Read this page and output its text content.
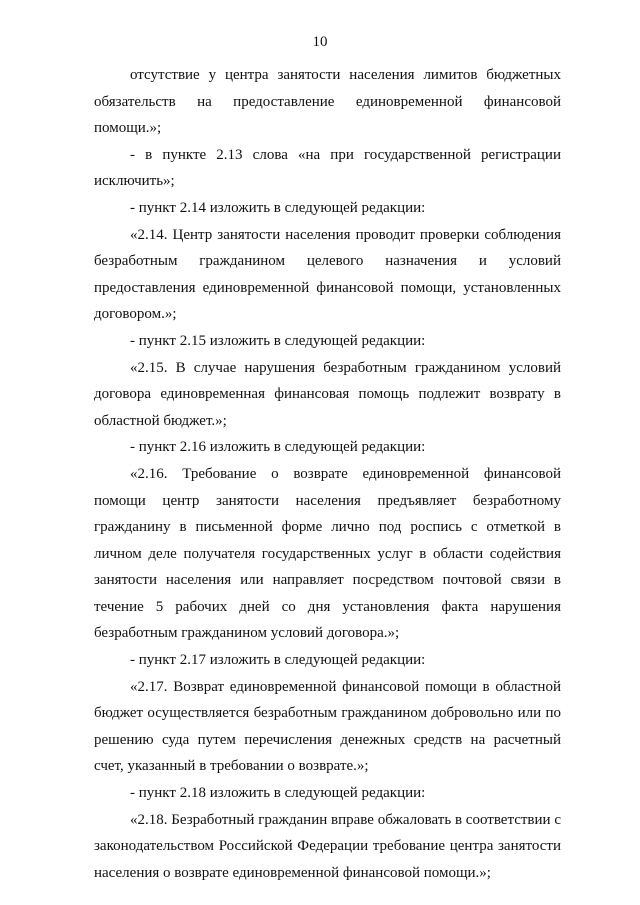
10

отсутствие у центра занятости населения лимитов бюджетных обязательств на предоставление единовременной финансовой помощи.»;

- в пункте 2.13 слова «на при государственной регистрации исключить»;

- пункт 2.14 изложить в следующей редакции:

«2.14. Центр занятости населения проводит проверки соблюдения безработным гражданином целевого назначения и условий предоставления единовременной финансовой помощи, установленных договором.»;

- пункт 2.15 изложить в следующей редакции:

«2.15. В случае нарушения безработным гражданином условий договора единовременная финансовая помощь подлежит возврату в областной бюджет.»;

- пункт 2.16 изложить в следующей редакции:

«2.16. Требование о возврате единовременной финансовой помощи центр занятости населения предъявляет безработному гражданину в письменной форме лично под роспись с отметкой в личном деле получателя государственных услуг в области содействия занятости населения или направляет посредством почтовой связи в течение 5 рабочих дней со дня установления факта нарушения безработным гражданином условий договора.»;

- пункт 2.17 изложить в следующей редакции:

«2.17. Возврат единовременной финансовой помощи в областной бюджет осуществляется безработным гражданином добровольно или по решению суда путем перечисления денежных средств на расчетный счет, указанный в требовании о возврате.»;

- пункт 2.18 изложить в следующей редакции:

«2.18. Безработный гражданин вправе обжаловать в соответствии с законодательством Российской Федерации требование центра занятости населения о возврате единовременной финансовой помощи.»;
